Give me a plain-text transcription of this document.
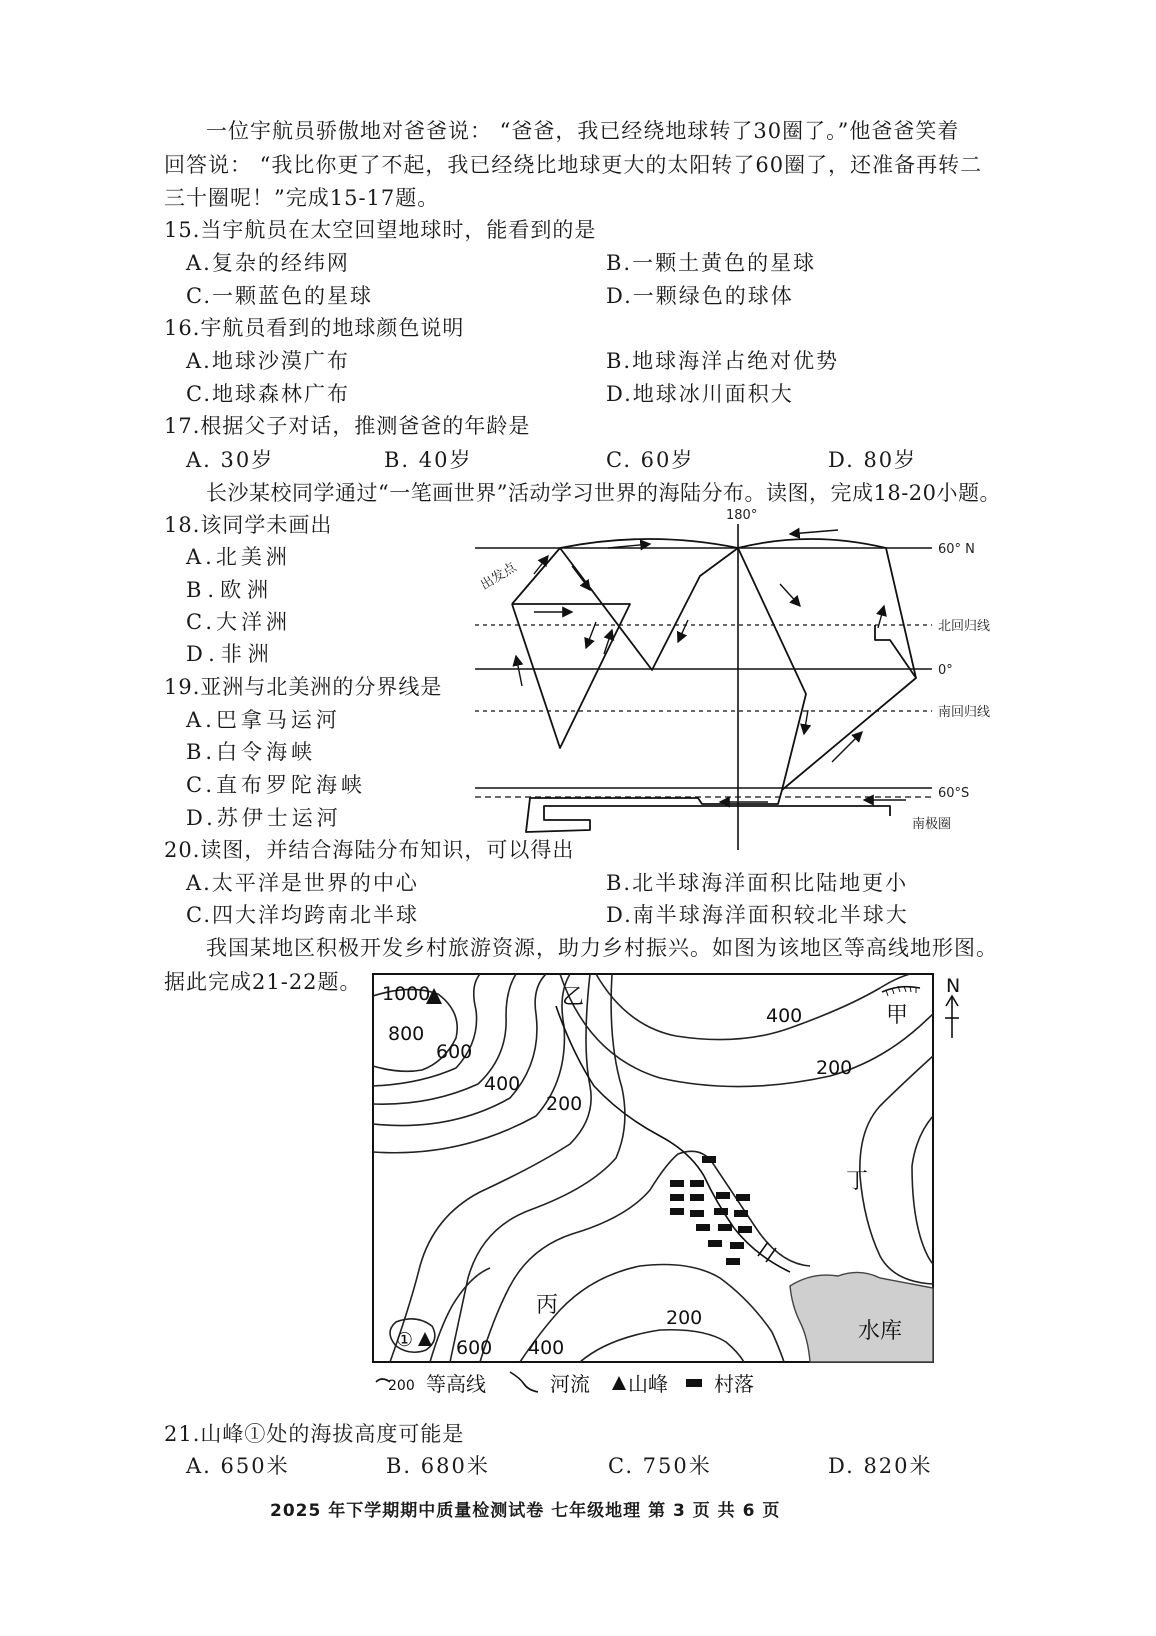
一位宇航员骄傲地对爸爸说： “爸爸，我已经绕地球转了30圈了。”他爸爸笑着
回答说： “我比你更了不起，我已经绕比地球更大的太阳转了60圈了，还准备再转二
三十圈呢！”完成15-17题。
15.当宇航员在太空回望地球时，能看到的是
A.复杂的经纬网	B.一颗土黄色的星球
C.一颗蓝色的星球	D.一颗绿色的球体
16.宇航员看到的地球颜色说明
A.地球沙漠广布	B.地球海洋占绝对优势
C.地球森林广布	D.地球冰川面积大
17.根据父子对话，推测爸爸的年龄是
A. 30岁	B. 40岁	C. 60岁	D. 80岁
长沙某校同学通过“一笔画世界”活动学习世界的海陆分布。读图，完成18-20小题。
18.该同学未画出
A.北美洲
B.欧洲
C.大洋洲
D.非洲
19.亚洲与北美洲的分界线是
A.巴拿马运河
B.白令海峡
C.直布罗陀海峡
D.苏伊士运河
20.读图，并结合海陆分布知识，可以得出
A.太平洋是世界的中心	B.北半球海洋面积比陆地更小
C.四大洋均跨南北半球	D.南半球海洋面积较北半球大
180°
60° N
北回归线
0°
南回归线
60°S
南极圈
出发点
我国某地区积极开发乡村旅游资源，助力乡村振兴。如图为该地区等高线地形图。
据此完成21-22题。
水库
1000
800
600
400
200
400
200
200
400
600
①
甲
乙
丙
丁
N
200 等高线	河流 山峰 村落
21.山峰①处的海拔高度可能是
A. 650米	B. 680米	C. 750米	D. 820米
2025 年下学期期中质量检测试卷 七年级地理 第 3 页 共 6 页
